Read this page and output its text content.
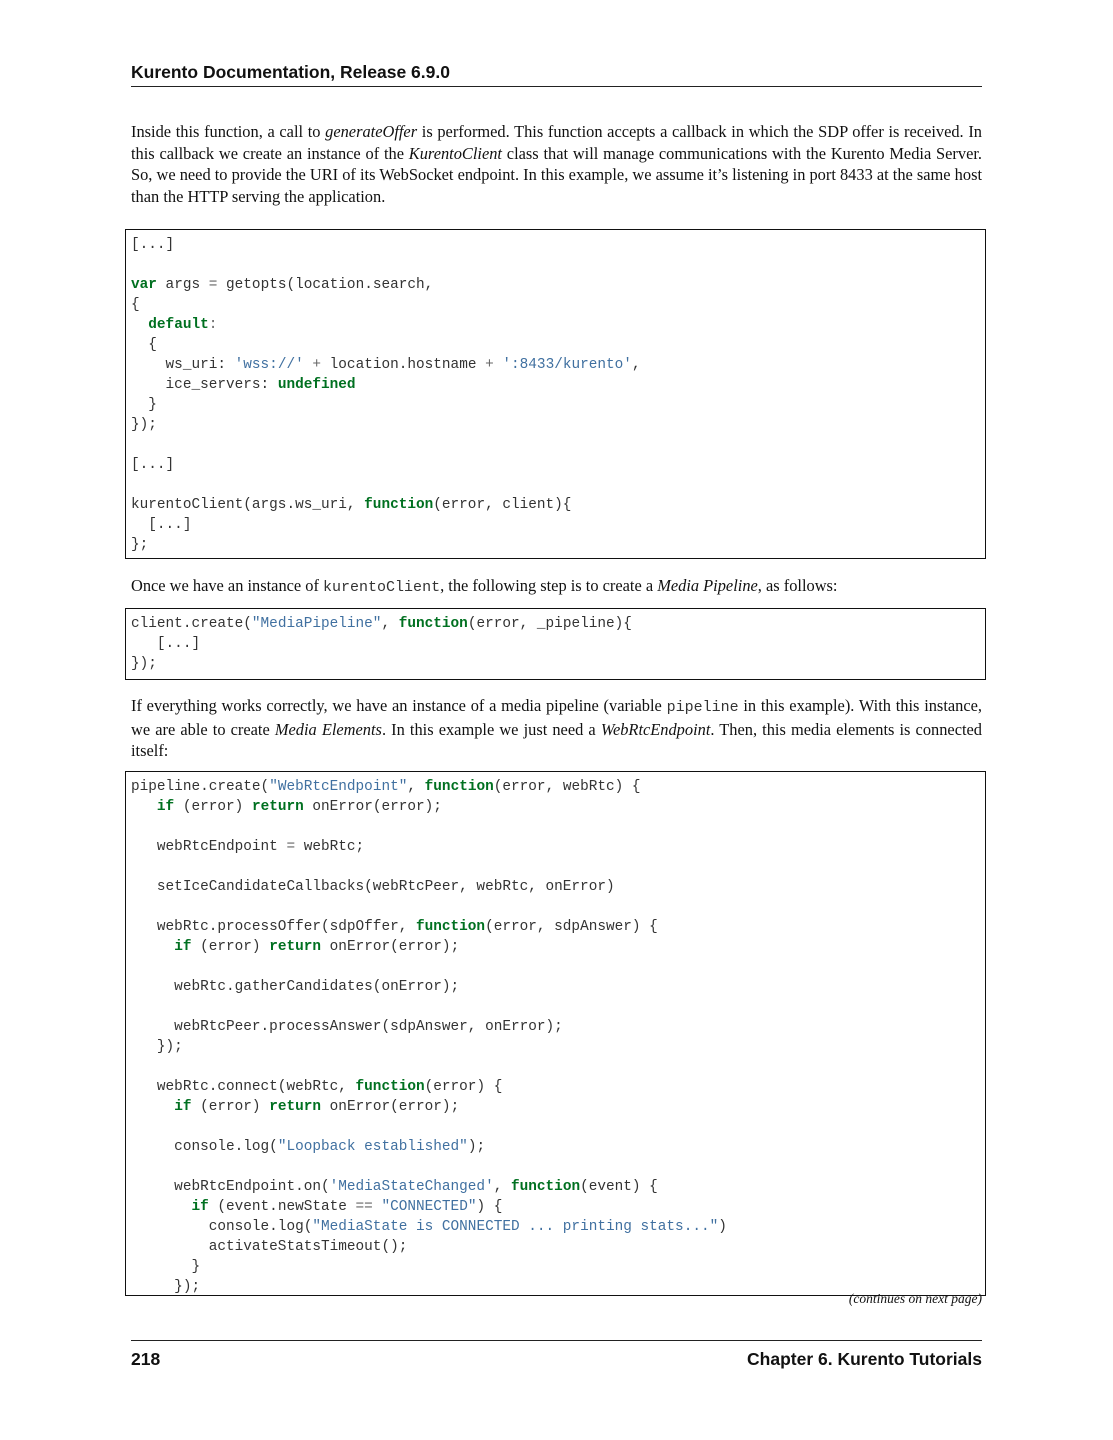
Kurento Documentation, Release 6.9.0

Inside this function, a call to generateOffer is performed. This function accepts a callback in which the SDP offer is received. In this callback we create an instance of the KurentoClient class that will manage communications with the Kurento Media Server. So, we need to provide the URI of its WebSocket endpoint. In this example, we assume it’s listening in port 8433 at the same host than the HTTP serving the application.

[...]

var args = getopts(location.search,
{
default:
{
ws_uri: 'wss://' + location.hostname + ':8433/kurento',
ice_servers: undefined
}
});

[...]

kurentoClient(args.ws_uri, function(error, client){
[...]
};

Once we have an instance of kurentoClient, the following step is to create a Media Pipeline, as follows:

client.create("MediaPipeline", function(error, _pipeline){
[...]
});

If everything works correctly, we have an instance of a media pipeline (variable pipeline in this example). With this instance, we are able to create Media Elements. In this example we just need a WebRtcEndpoint. Then, this media elements is connected itself:

pipeline.create("WebRtcEndpoint", function(error, webRtc) {
if (error) return onError(error);

webRtcEndpoint = webRtc;

setIceCandidateCallbacks(webRtcPeer, webRtc, onError)

webRtc.processOffer(sdpOffer, function(error, sdpAnswer) {
if (error) return onError(error);

webRtc.gatherCandidates(onError);

webRtcPeer.processAnswer(sdpAnswer, onError);
});

webRtc.connect(webRtc, function(error) {
if (error) return onError(error);

console.log("Loopback established");

webRtcEndpoint.on('MediaStateChanged', function(event) {
if (event.newState == "CONNECTED") {
console.log("MediaState is CONNECTED ... printing stats...")
activateStatsTimeout();
}
});
(continues on next page)
218	Chapter 6. Kurento Tutorials
